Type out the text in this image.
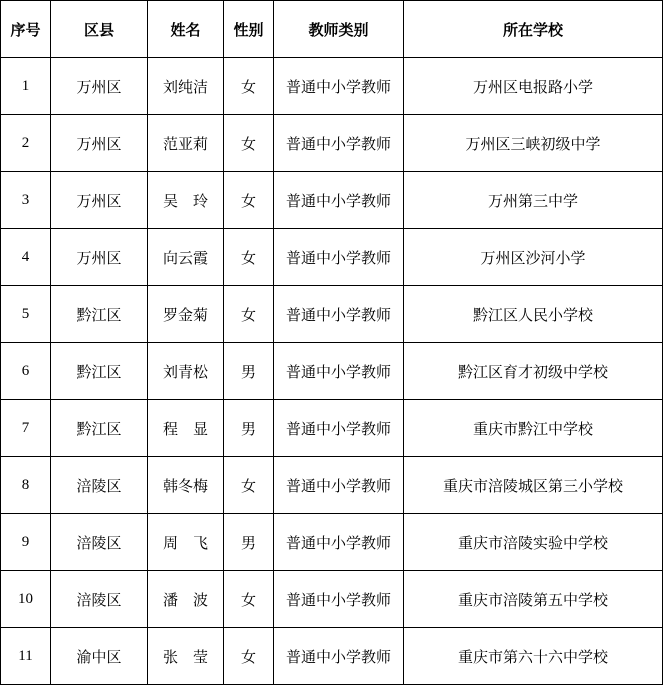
序号	区县	姓名	性别	教师类别	所在学校
1	万州区	刘纯洁	女	普通中小学教师	万州区电报路小学
2	万州区	范亚莉	女	普通中小学教师	万州区三峡初级中学
3	万州区	吴　玲	女	普通中小学教师	万州第三中学
4	万州区	向云霞	女	普通中小学教师	万州区沙河小学
5	黔江区	罗金菊	女	普通中小学教师	黔江区人民小学校
6	黔江区	刘青松	男	普通中小学教师	黔江区育才初级中学校
7	黔江区	程　显	男	普通中小学教师	重庆市黔江中学校
8	涪陵区	韩冬梅	女	普通中小学教师	重庆市涪陵城区第三小学校
9	涪陵区	周　飞	男	普通中小学教师	重庆市涪陵实验中学校
10	涪陵区	潘　波	女	普通中小学教师	重庆市涪陵第五中学校
11	渝中区	张　莹	女	普通中小学教师	重庆市第六十六中学校
